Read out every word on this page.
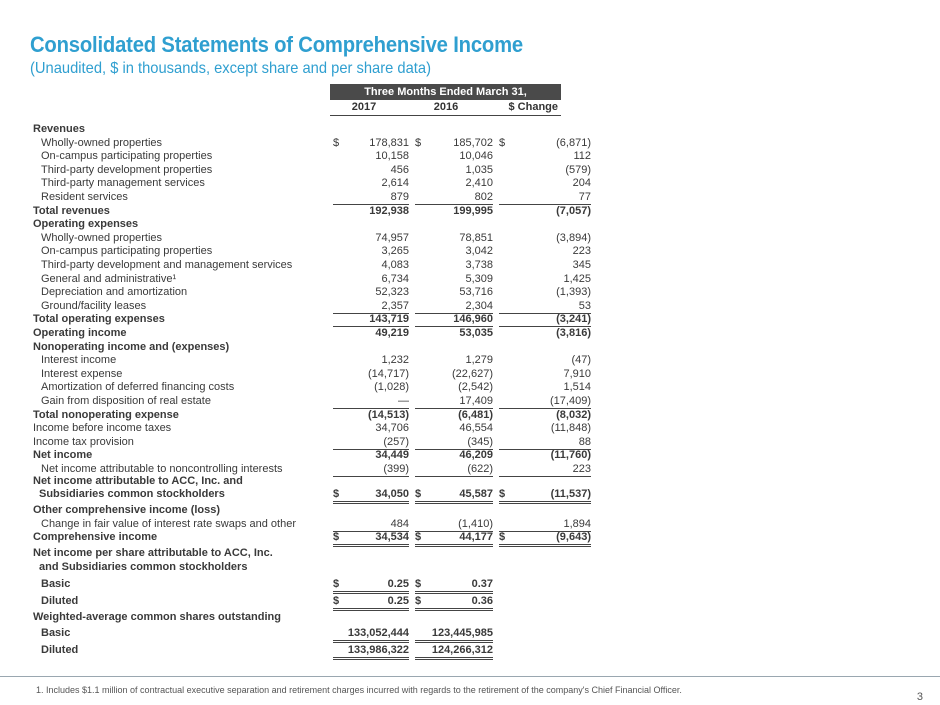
Consolidated Statements of Comprehensive Income

(Unaudited, $ in thousands, except share and per share data)

Three Months Ended March 31,
2017	2016	$ Change
Revenues
Wholly-owned properties	$	178,831 $	185,702 $	(6,871)
On-campus participating properties	10,158	10,046	112
Third-party development properties	456	1,035	(579)
Third-party management services	2,614	2,410	204
Resident services	879	802	77
Total revenues	192,938	199,995	(7,057)
Operating expenses
Wholly-owned properties	74,957	78,851	(3,894)
On-campus participating properties	3,265	3,042	223
Third-party development and management services	4,083	3,738	345
General and administrative¹	6,734	5,309	1,425
Depreciation and amortization	52,323	53,716	(1,393)
Ground/facility leases	2,357	2,304	53
Total operating expenses	143,719	146,960	(3,241)
Operating income	49,219	53,035	(3,816)
Nonoperating income and (expenses)
Interest income	1,232	1,279	(47)
Interest expense	(14,717)	(22,627)	7,910
Amortization of deferred financing costs	(1,028)	(2,542)	1,514
Gain from disposition of real estate	—	17,409	(17,409)
Total nonoperating expense	(14,513)	(6,481)	(8,032)
Income before income taxes	34,706	46,554	(11,848)
Income tax provision	(257)	(345)	88
Net income	34,449	46,209	(11,760)
Net income attributable to noncontrolling interests	(399)	(622)	223
Net income attributable to ACC, Inc. and
Subsidiaries common stockholders	$	34,050 $	45,587 $	(11,537)
Other comprehensive income (loss)
Change in fair value of interest rate swaps and other	484	(1,410)	1,894
Comprehensive income	$	34,534 $	44,177 $	(9,643)
Net income per share attributable to ACC, Inc.
and Subsidiaries common stockholders
Basic	$	0.25 $	0.37
Diluted	$	0.25 $	0.36
Weighted-average common shares outstanding
Basic	133,052,444	123,445,985
Diluted	133,986,322	124,266,312
1. Includes $1.1 million of contractual executive separation and retirement charges incurred with regards to the retirement of the company's Chief Financial Officer.
3
